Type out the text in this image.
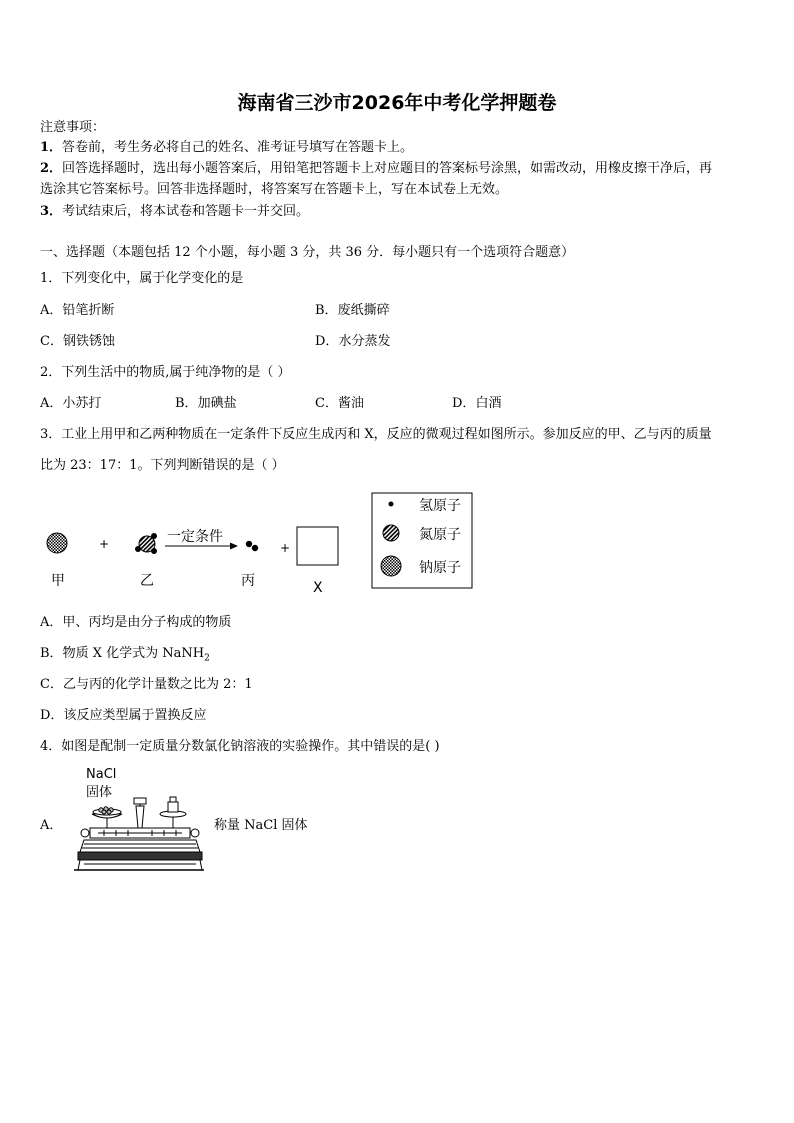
海南省三沙市2026年中考化学押题卷
注意事项：
1．答卷前，考生务必将自己的姓名、准考证号填写在答题卡上。
2．回答选择题时，选出每小题答案后，用铅笔把答题卡上对应题目的答案标号涂黑，如需改动，用橡皮擦干净后，再
选涂其它答案标号。回答非选择题时，将答案写在答题卡上，写在本试卷上无效。
3．考试结束后，将本试卷和答题卡一并交回。
一、选择题（本题包括 12 个小题，每小题 3 分，共 36 分．每小题只有一个选项符合题意）
1．下列变化中，属于化学变化的是
A．铅笔折断	B．废纸撕碎
C．钢铁锈蚀	D．水分蒸发
2．下列生活中的物质,属于纯净物的是（ ）
A．小苏打	B．加碘盐	C．酱油	D．白酒
3．工业上用甲和乙两种物质在一定条件下反应生成丙和 X，反应的微观过程如图所示。参加反应的甲、乙与丙的质量
比为 23：17：1。下列判断错误的是（ ）
+	一定条件
+
甲	乙	丙	X
氢原子
氮原子
钠原子
A．甲、丙均是由分子构成的物质
B．物质 X 化学式为 NaNH$_2$
C．乙与丙的化学计量数之比为 2：1
D．该反应类型属于置换反应
4．如图是配制一定质量分数氯化钠溶液的实验操作。其中错误的是( )
A．
NaCl
固体
称量 NaCl 固体
